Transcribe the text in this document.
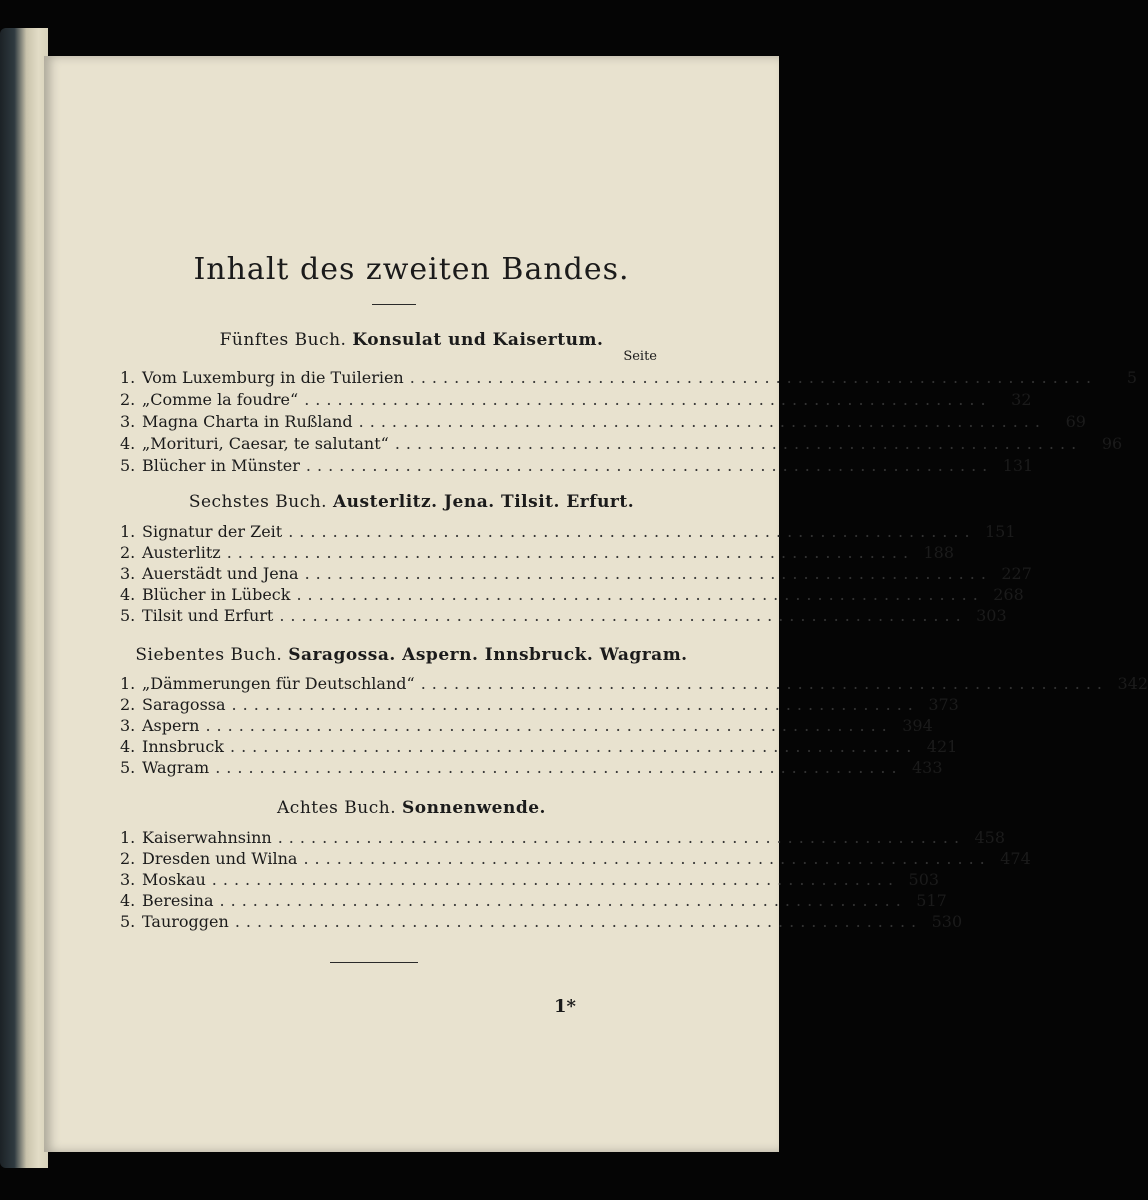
Inhalt des zweiten Bandes.
Fünftes Buch. Konsulat und Kaisertum.
Seite
1. Vom Luxemburg in die Tuilerien ..............................................................	5
2. „Comme la foudre“ ..............................................................	32
3. Magna Charta in Rußland ..............................................................	69
4. „Morituri, Caesar, te salutant“ ..............................................................	96
5. Blücher in Münster .............................................................. 131
Sechstes Buch. Austerlitz. Jena. Tilsit. Erfurt.
1. Signatur der Zeit .............................................................. 151
2. Austerlitz .............................................................. 188
3. Auerstädt und Jena .............................................................. 227
4. Blücher in Lübeck .............................................................. 268
5. Tilsit und Erfurt .............................................................. 303
Siebentes Buch. Saragossa. Aspern. Innsbruck. Wagram.
1. „Dämmerungen für Deutschland“ .............................................................. 342
2. Saragossa .............................................................. 373
3. Aspern .............................................................. 394
4. Innsbruck .............................................................. 421
5. Wagram .............................................................. 433
Achtes Buch. Sonnenwende.
1. Kaiserwahnsinn .............................................................. 458
2. Dresden und Wilna .............................................................. 474
3. Moskau .............................................................. 503
4. Beresina .............................................................. 517
5. Tauroggen .............................................................. 530
1*
